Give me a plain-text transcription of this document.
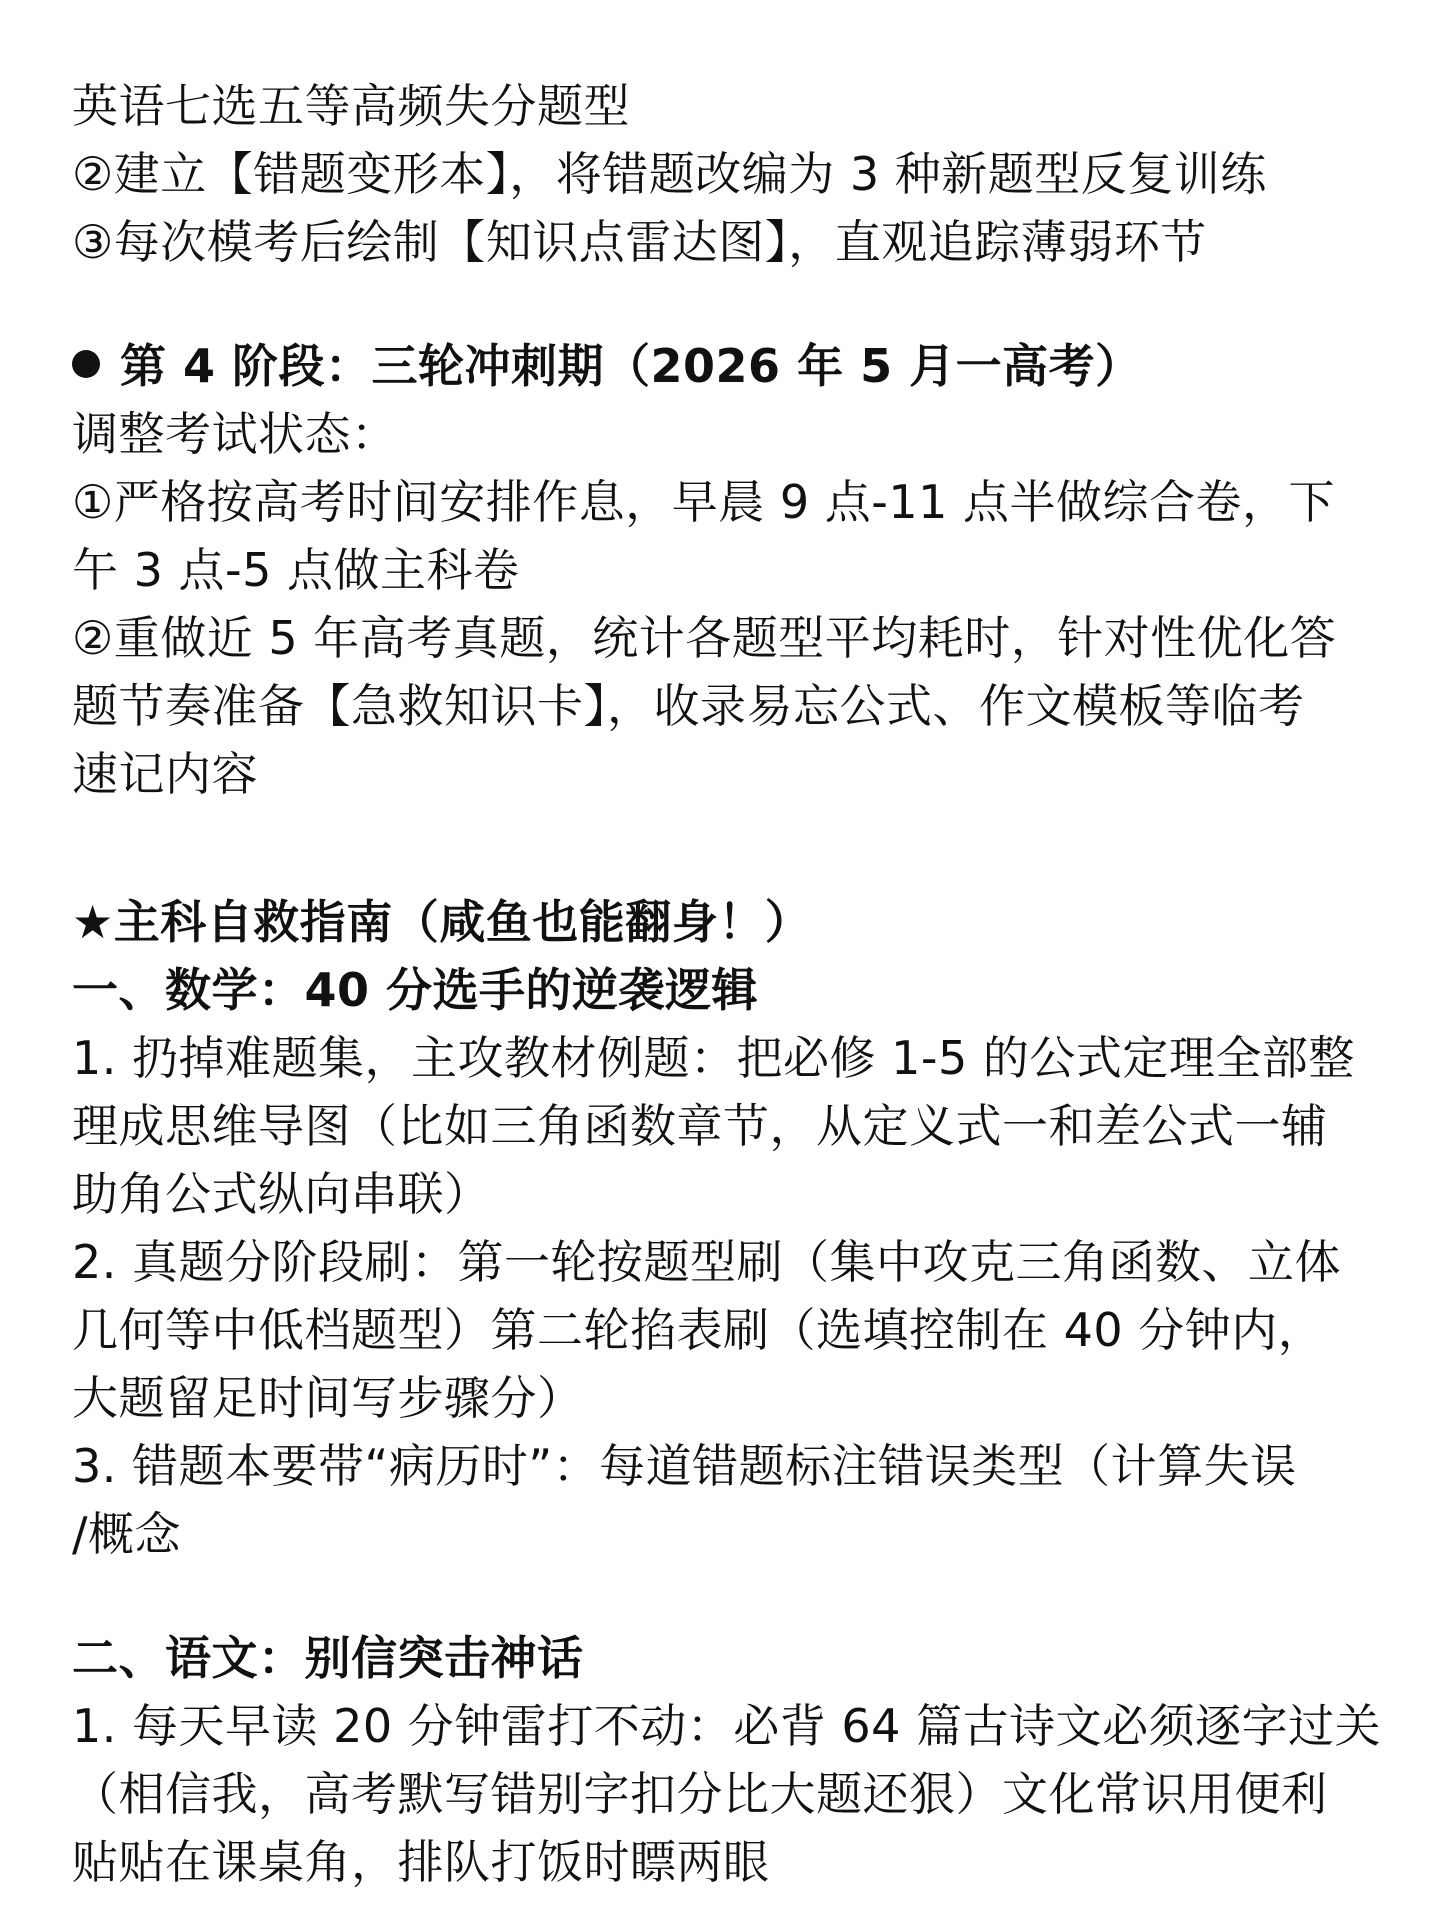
英语七选五等高频失分题型
②建立【错题变形本】，将错题改编为 3 种新题型反复训练
③每次模考后绘制【知识点雷达图】，直观追踪薄弱环节
第 4 阶段：三轮冲刺期（2026 年 5 月一高考）
调整考试状态：
①严格按高考时间安排作息，早晨 9 点-11 点半做综合卷，下
午 3 点-5 点做主科卷
②重做近 5 年高考真题，统计各题型平均耗时，针对性优化答
题节奏准备【急救知识卡】，收录易忘公式、作文模板等临考
速记内容
★主科自救指南（咸鱼也能翻身！）
一、数学：40 分选手的逆袭逻辑
1. 扔掉难题集，主攻教材例题：把必修 1-5 的公式定理全部整
理成思维导图（比如三角函数章节，从定义式一和差公式一辅
助角公式纵向串联）
2. 真题分阶段刷：第一轮按题型刷（集中攻克三角函数、立体
几何等中低档题型）第二轮掐表刷（选填控制在 40 分钟内，
大题留足时间写步骤分）
3. 错题本要带“病历时”：每道错题标注错误类型（计算失误
/概念
二、语文：别信突击神话
1. 每天早读 20 分钟雷打不动：必背 64 篇古诗文必须逐字过关
（相信我，高考默写错别字扣分比大题还狠）文化常识用便利
贴贴在课桌角，排队打饭时瞟两眼
